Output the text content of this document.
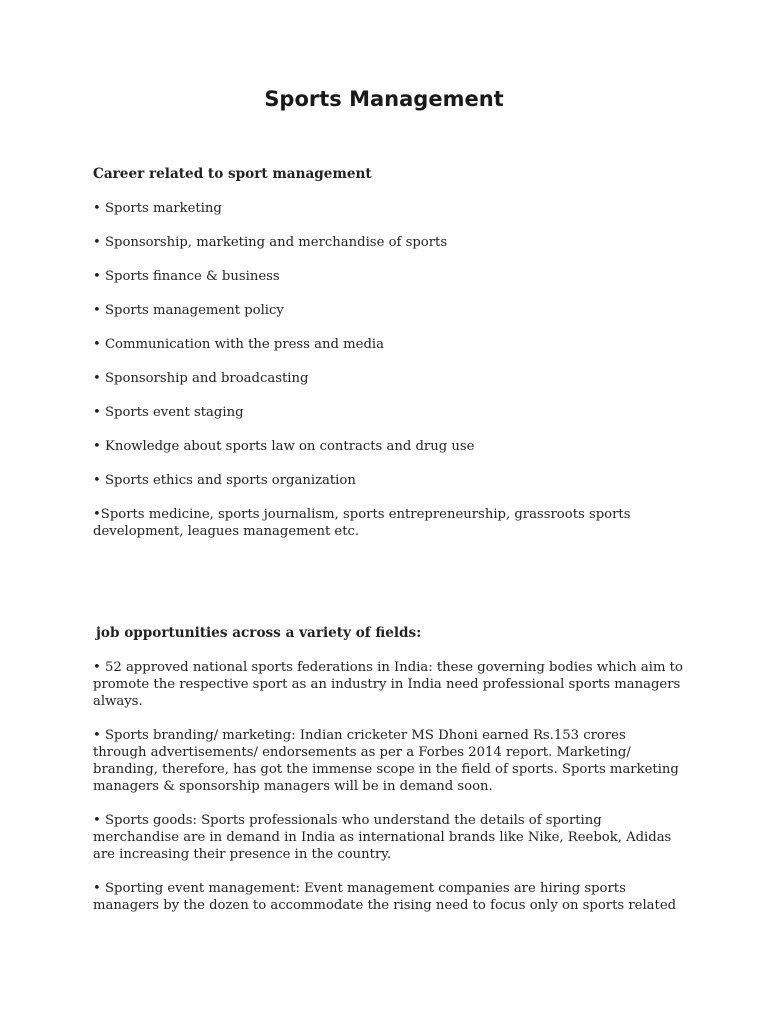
Sports Management

Career related to sport management

• Sports marketing
• Sponsorship, marketing and merchandise of sports
• Sports finance & business
• Sports management policy
• Communication with the press and media
• Sponsorship and broadcasting
• Sports event staging
• Knowledge about sports law on contracts and drug use
• Sports ethics and sports organization
•Sports medicine, sports journalism, sports entrepreneurship, grassroots sports development, leagues management etc.

job opportunities across a variety of fields:

• 52 approved national sports federations in India: these governing bodies which aim to promote the respective sport as an industry in India need professional sports managers always.

• Sports branding/ marketing: Indian cricketer MS Dhoni earned Rs.153 crores through advertisements/ endorsements as per a Forbes 2014 report. Marketing/ branding, therefore, has got the immense scope in the field of sports. Sports marketing managers & sponsorship managers will be in demand soon.

• Sports goods: Sports professionals who understand the details of sporting merchandise are in demand in India as international brands like Nike, Reebok, Adidas are increasing their presence in the country.

• Sporting event management: Event management companies are hiring sports managers by the dozen to accommodate the rising need to focus only on sports related
